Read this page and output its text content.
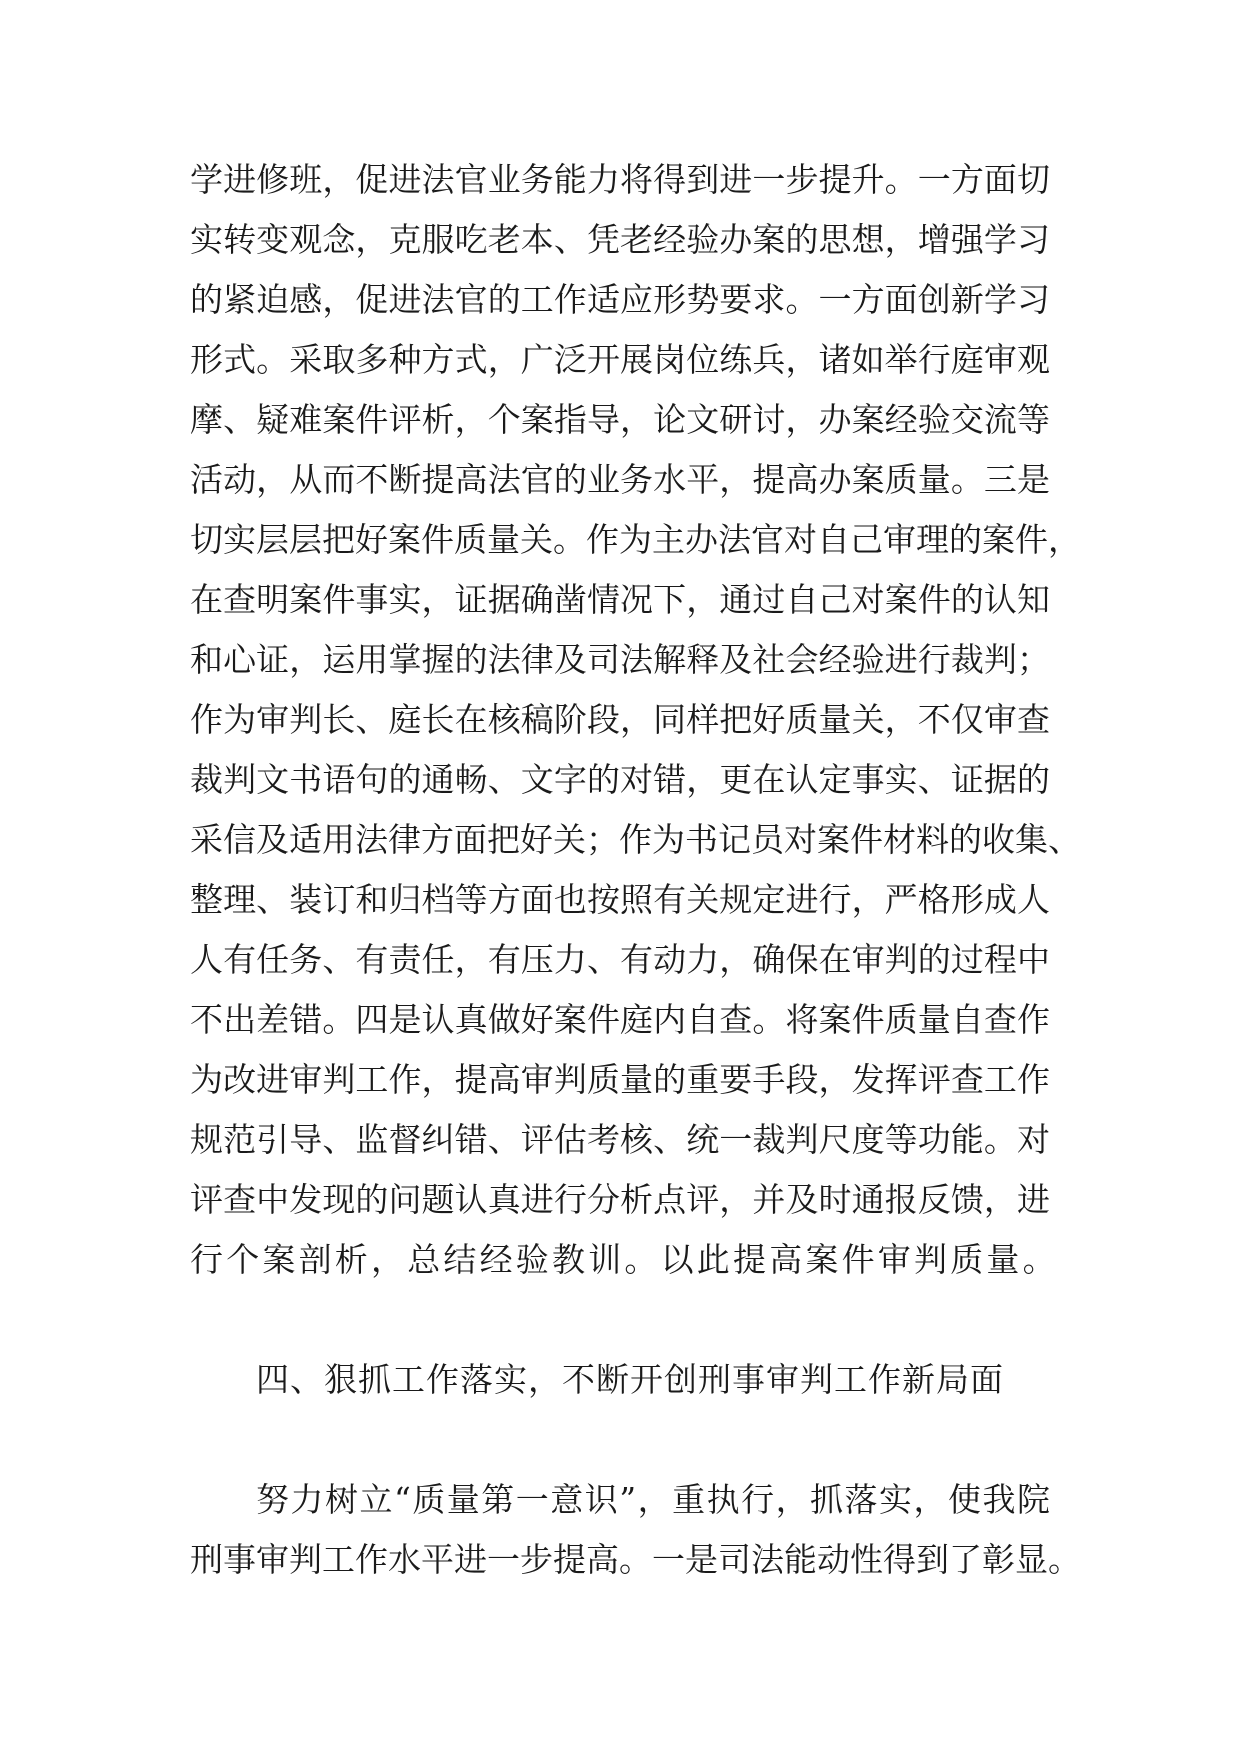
学进修班，促进法官业务能力将得到进一步提升。一方面切
实转变观念，克服吃老本、凭老经验办案的思想，增强学习
的紧迫感，促进法官的工作适应形势要求。一方面创新学习
形式。采取多种方式，广泛开展岗位练兵，诸如举行庭审观
摩、疑难案件评析，个案指导，论文研讨，办案经验交流等
活动，从而不断提高法官的业务水平，提高办案质量。三是
切实层层把好案件质量关。作为主办法官对自己审理的案件，
在查明案件事实，证据确凿情况下，通过自己对案件的认知
和心证，运用掌握的法律及司法解释及社会经验进行裁判；
作为审判长、庭长在核稿阶段，同样把好质量关，不仅审查
裁判文书语句的通畅、文字的对错，更在认定事实、证据的
采信及适用法律方面把好关；作为书记员对案件材料的收集、
整理、装订和归档等方面也按照有关规定进行，严格形成人
人有任务、有责任，有压力、有动力，确保在审判的过程中
不出差错。四是认真做好案件庭内自查。将案件质量自查作
为改进审判工作，提高审判质量的重要手段，发挥评查工作
规范引导、监督纠错、评估考核、统一裁判尺度等功能。对
评查中发现的问题认真进行分析点评，并及时通报反馈，进
行个案剖析，总结经验教训。以此提高案件审判质量。
四、狠抓工作落实，不断开创刑事审判工作新局面
努力树立“质量第一意识”，重执行，抓落实，使我院
刑事审判工作水平进一步提高。一是司法能动性得到了彰显。
